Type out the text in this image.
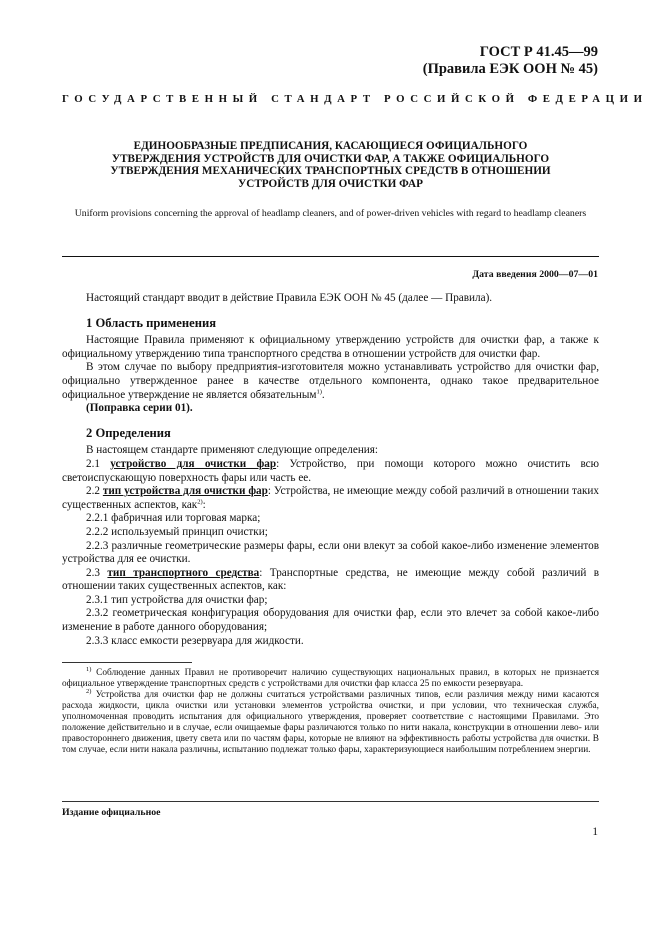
ГОСТ Р 41.45—99
(Правила ЕЭК ООН № 45)
ГОСУДАРСТВЕННЫЙ СТАНДАРТ РОССИЙСКОЙ ФЕДЕРАЦИИ
ЕДИНООБРАЗНЫЕ ПРЕДПИСАНИЯ, КАСАЮЩИЕСЯ ОФИЦИАЛЬНОГО
УТВЕРЖДЕНИЯ УСТРОЙСТВ ДЛЯ ОЧИСТКИ ФАР, А ТАКЖЕ ОФИЦИАЛЬНОГО
УТВЕРЖДЕНИЯ МЕХАНИЧЕСКИХ ТРАНСПОРТНЫХ СРЕДСТВ В ОТНОШЕНИИ
УСТРОЙСТВ ДЛЯ ОЧИСТКИ ФАР
Uniform provisions concerning the approval of headlamp cleaners, and of power-driven vehicles with regard to headlamp cleaners
Дата введения 2000—07—01

Настоящий стандарт вводит в действие Правила ЕЭК ООН № 45 (далее — Правила).

1 Область применения

Настоящие Правила применяют к официальному утверждению устройств для очистки фар, а также к официальному утверждению типа транспортного средства в отношении устройств для очистки фар.

В этом случае по выбору предприятия-изготовителя можно устанавливать устройство для очистки фар, официально утвержденное ранее в качестве отдельного компонента, однако такое предварительное официальное утверждение не является обязательным$^{1)}$.

(Поправка серии 01).

2 Определения

В настоящем стандарте применяют следующие определения:

2.1 устройство для очистки фар: Устройство, при помощи которого можно очистить всю светоиспускающую поверхность фары или часть ее.

2.2 тип устройства для очистки фар: Устройства, не имеющие между собой различий в отношении таких существенных аспектов, как$^{2)}$:

2.2.1 фабричная или торговая марка;

2.2.2 используемый принцип очистки;

2.2.3 различные геометрические размеры фары, если они влекут за собой какое-либо изменение элементов устройства для ее очистки.

2.3 тип транспортного средства: Транспортные средства, не имеющие между собой различий в отношении таких существенных аспектов, как:

2.3.1 тип устройства для очистки фар;

2.3.2 геометрическая конфигурация оборудования для очистки фар, если это влечет за собой какое-либо изменение в работе данного оборудования;

2.3.3 класс емкости резервуара для жидкости.

$^{1)}$ Соблюдение данных Правил не противоречит наличию существующих национальных правил, в которых не признается официальное утверждение транспортных средств с устройствами для очистки фар класса 25 по емкости резервуара.

$^{2)}$ Устройства для очистки фар не должны считаться устройствами различных типов, если различия между ними касаются расхода жидкости, цикла очистки или установки элементов устройства очистки, и при условии, что техническая служба, уполномоченная проводить испытания для официального утверждения, проверяет соответствие с настоящими Правилами. Это положение действительно и в случае, если очищаемые фары различаются только по нити накала, конструкции в отношении лево- или правостороннего движения, цвету света или по частям фары, которые не влияют на эффективность работы устройства для очистки. В том случае, если нити накала различны, испытанию подлежат только фары, характеризующиеся наибольшим потреблением энергии.

Издание официальное
1
